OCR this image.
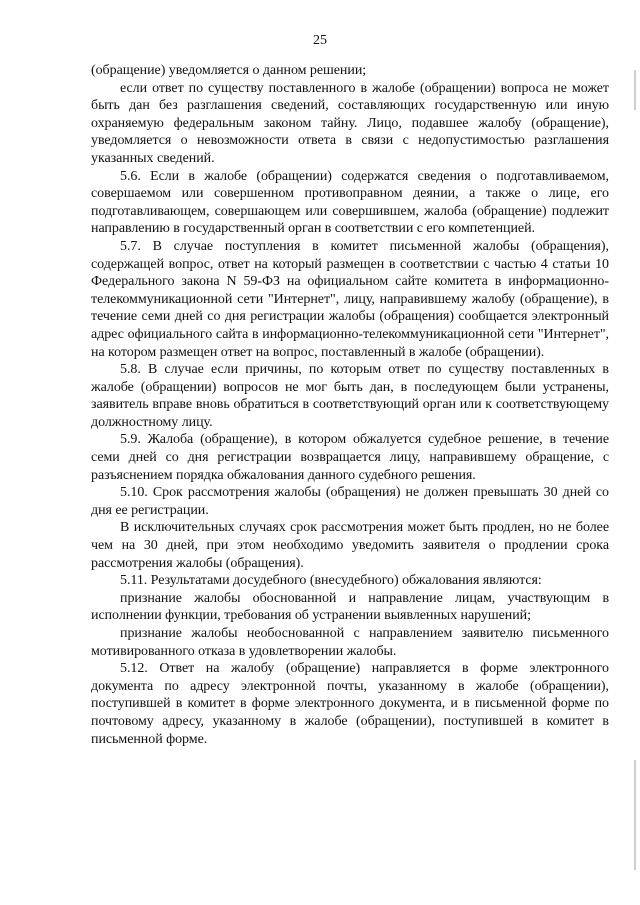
25

(обращение) уведомляется о данном решении;

если ответ по существу поставленного в жалобе (обращении) вопроса не может быть дан без разглашения сведений, составляющих государственную или иную охраняемую федеральным законом тайну. Лицо, подавшее жалобу (обращение), уведомляется о невозможности ответа в связи с недопустимостью разглашения указанных сведений.

5.6. Если в жалобе (обращении) содержатся сведения о подготавливаемом, совершаемом или совершенном противоправном деянии, а также о лице, его подготавливающем, совершающем или совершившем, жалоба (обращение) подлежит направлению в государственный орган в соответствии с его компетенцией.

5.7. В случае поступления в комитет письменной жалобы (обращения), содержащей вопрос, ответ на который размещен в соответствии с частью 4 статьи 10 Федерального закона N 59-ФЗ на официальном сайте комитета в информационно-телекоммуникационной сети "Интернет", лицу, направившему жалобу (обращение), в течение семи дней со дня регистрации жалобы (обращения) сообщается электронный адрес официального сайта в информационно-телекоммуникационной сети "Интернет", на котором размещен ответ на вопрос, поставленный в жалобе (обращении).

5.8. В случае если причины, по которым ответ по существу поставленных в жалобе (обращении) вопросов не мог быть дан, в последующем были устранены, заявитель вправе вновь обратиться в соответствующий орган или к соответствующему должностному лицу.

5.9. Жалоба (обращение), в котором обжалуется судебное решение, в течение семи дней со дня регистрации возвращается лицу, направившему обращение, с разъяснением порядка обжалования данного судебного решения.

5.10. Срок рассмотрения жалобы (обращения) не должен превышать 30 дней со дня ее регистрации.

В исключительных случаях срок рассмотрения может быть продлен, но не более чем на 30 дней, при этом необходимо уведомить заявителя о продлении срока рассмотрения жалобы (обращения).

5.11. Результатами досудебного (внесудебного) обжалования являются:

признание жалобы обоснованной и направление лицам, участвующим в исполнении функции, требования об устранении выявленных нарушений;

признание жалобы необоснованной с направлением заявителю письменного мотивированного отказа в удовлетворении жалобы.

5.12. Ответ на жалобу (обращение) направляется в форме электронного документа по адресу электронной почты, указанному в жалобе (обращении), поступившей в комитет в форме электронного документа, и в письменной форме по почтовому адресу, указанному в жалобе (обращении), поступившей в комитет в письменной форме.
